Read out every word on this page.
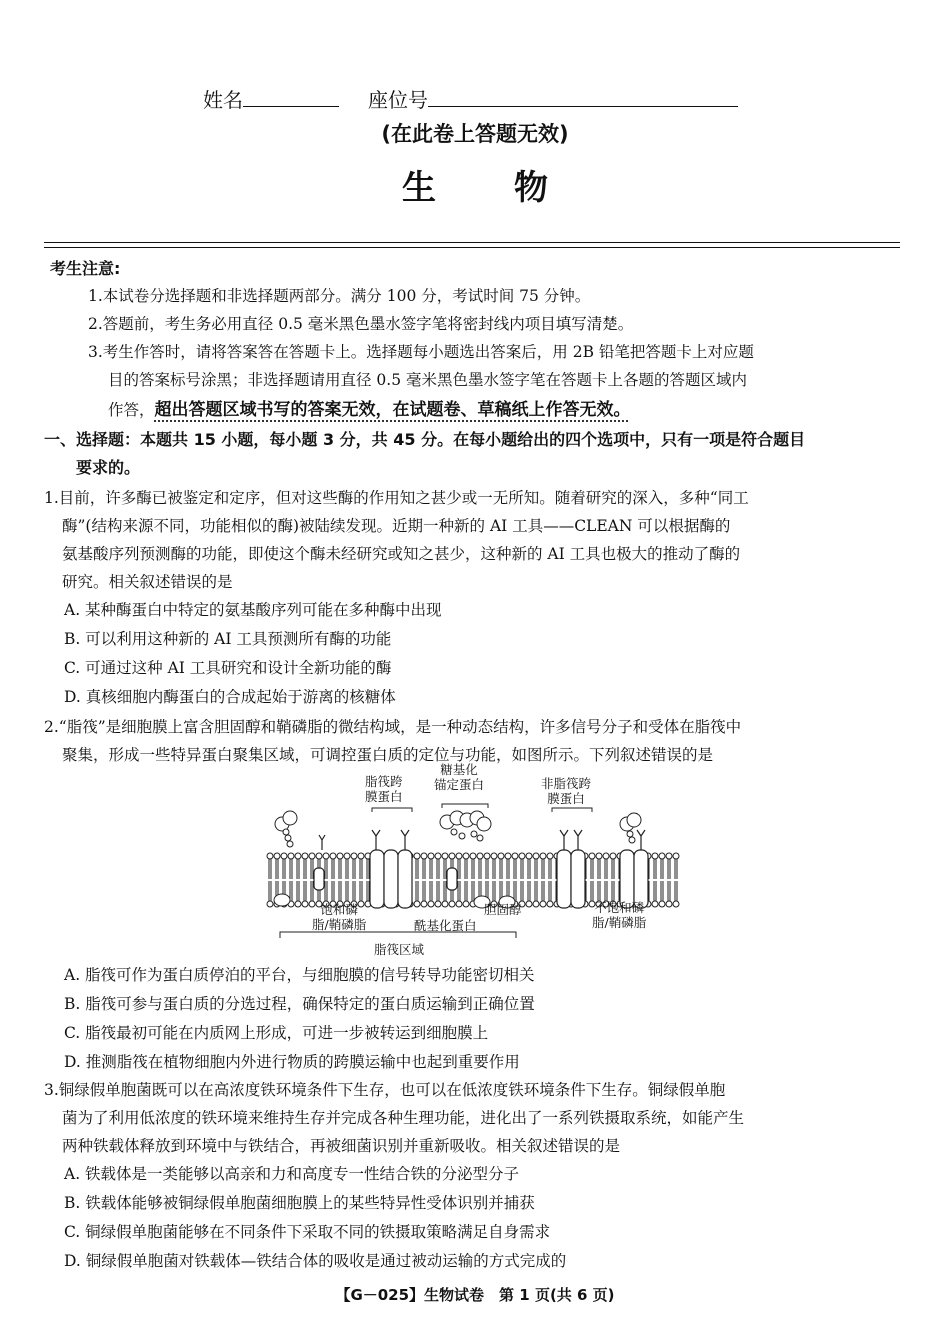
姓名	座位号
(在此卷上答题无效)
生物
考生注意:
1.本试卷分选择题和非选择题两部分。满分 100 分，考试时间 75 分钟。
2.答题前，考生务必用直径 0.5 毫米黑色墨水签字笔将密封线内项目填写清楚。
3.考生作答时，请将答案答在答题卡上。选择题每小题选出答案后，用 2B 铅笔把答题卡上对应题
目的答案标号涂黑；非选择题请用直径 0.5 毫米黑色墨水签字笔在答题卡上各题的答题区域内
作答，超出答题区域书写的答案无效，在试题卷、草稿纸上作答无效。
一、选择题：本题共 15 小题，每小题 3 分，共 45 分。在每小题给出的四个选项中，只有一项是符合题目
要求的。
1.目前，许多酶已被鉴定和定序，但对这些酶的作用知之甚少或一无所知。随着研究的深入，多种“同工
酶”(结构来源不同，功能相似的酶)被陆续发现。近期一种新的 AI 工具——CLEAN 可以根据酶的
氨基酸序列预测酶的功能，即使这个酶未经研究或知之甚少，这种新的 AI 工具也极大的推动了酶的
研究。相关叙述错误的是
A. 某种酶蛋白中特定的氨基酸序列可能在多种酶中出现
B. 可以利用这种新的 AI 工具预测所有酶的功能
C. 可通过这种 AI 工具研究和设计全新功能的酶
D. 真核细胞内酶蛋白的合成起始于游离的核糖体
2.“脂筏”是细胞膜上富含胆固醇和鞘磷脂的微结构域，是一种动态结构，许多信号分子和受体在脂筏中
聚集，形成一些特异蛋白聚集区域，可调控蛋白质的定位与功能，如图所示。下列叙述错误的是
脂筏跨
膜蛋白
糖基化
锚定蛋白	非脂筏跨
膜蛋白
饱和磷
脂/鞘磷脂	酰基化蛋白
胆固醇	不饱和磷
脂/鞘磷脂
脂筏区域
A. 脂筏可作为蛋白质停泊的平台，与细胞膜的信号转导功能密切相关
B. 脂筏可参与蛋白质的分选过程，确保特定的蛋白质运输到正确位置
C. 脂筏最初可能在内质网上形成，可进一步被转运到细胞膜上
D. 推测脂筏在植物细胞内外进行物质的跨膜运输中也起到重要作用
3.铜绿假单胞菌既可以在高浓度铁环境条件下生存，也可以在低浓度铁环境条件下生存。铜绿假单胞
菌为了利用低浓度的铁环境来维持生存并完成各种生理功能，进化出了一系列铁摄取系统，如能产生
两种铁载体释放到环境中与铁结合，再被细菌识别并重新吸收。相关叙述错误的是
A. 铁载体是一类能够以高亲和力和高度专一性结合铁的分泌型分子
B. 铁载体能够被铜绿假单胞菌细胞膜上的某些特异性受体识别并捕获
C. 铜绿假单胞菌能够在不同条件下采取不同的铁摄取策略满足自身需求
D. 铜绿假单胞菌对铁载体—铁结合体的吸收是通过被动运输的方式完成的
【G－025】生物试卷　第 1 页(共 6 页)
